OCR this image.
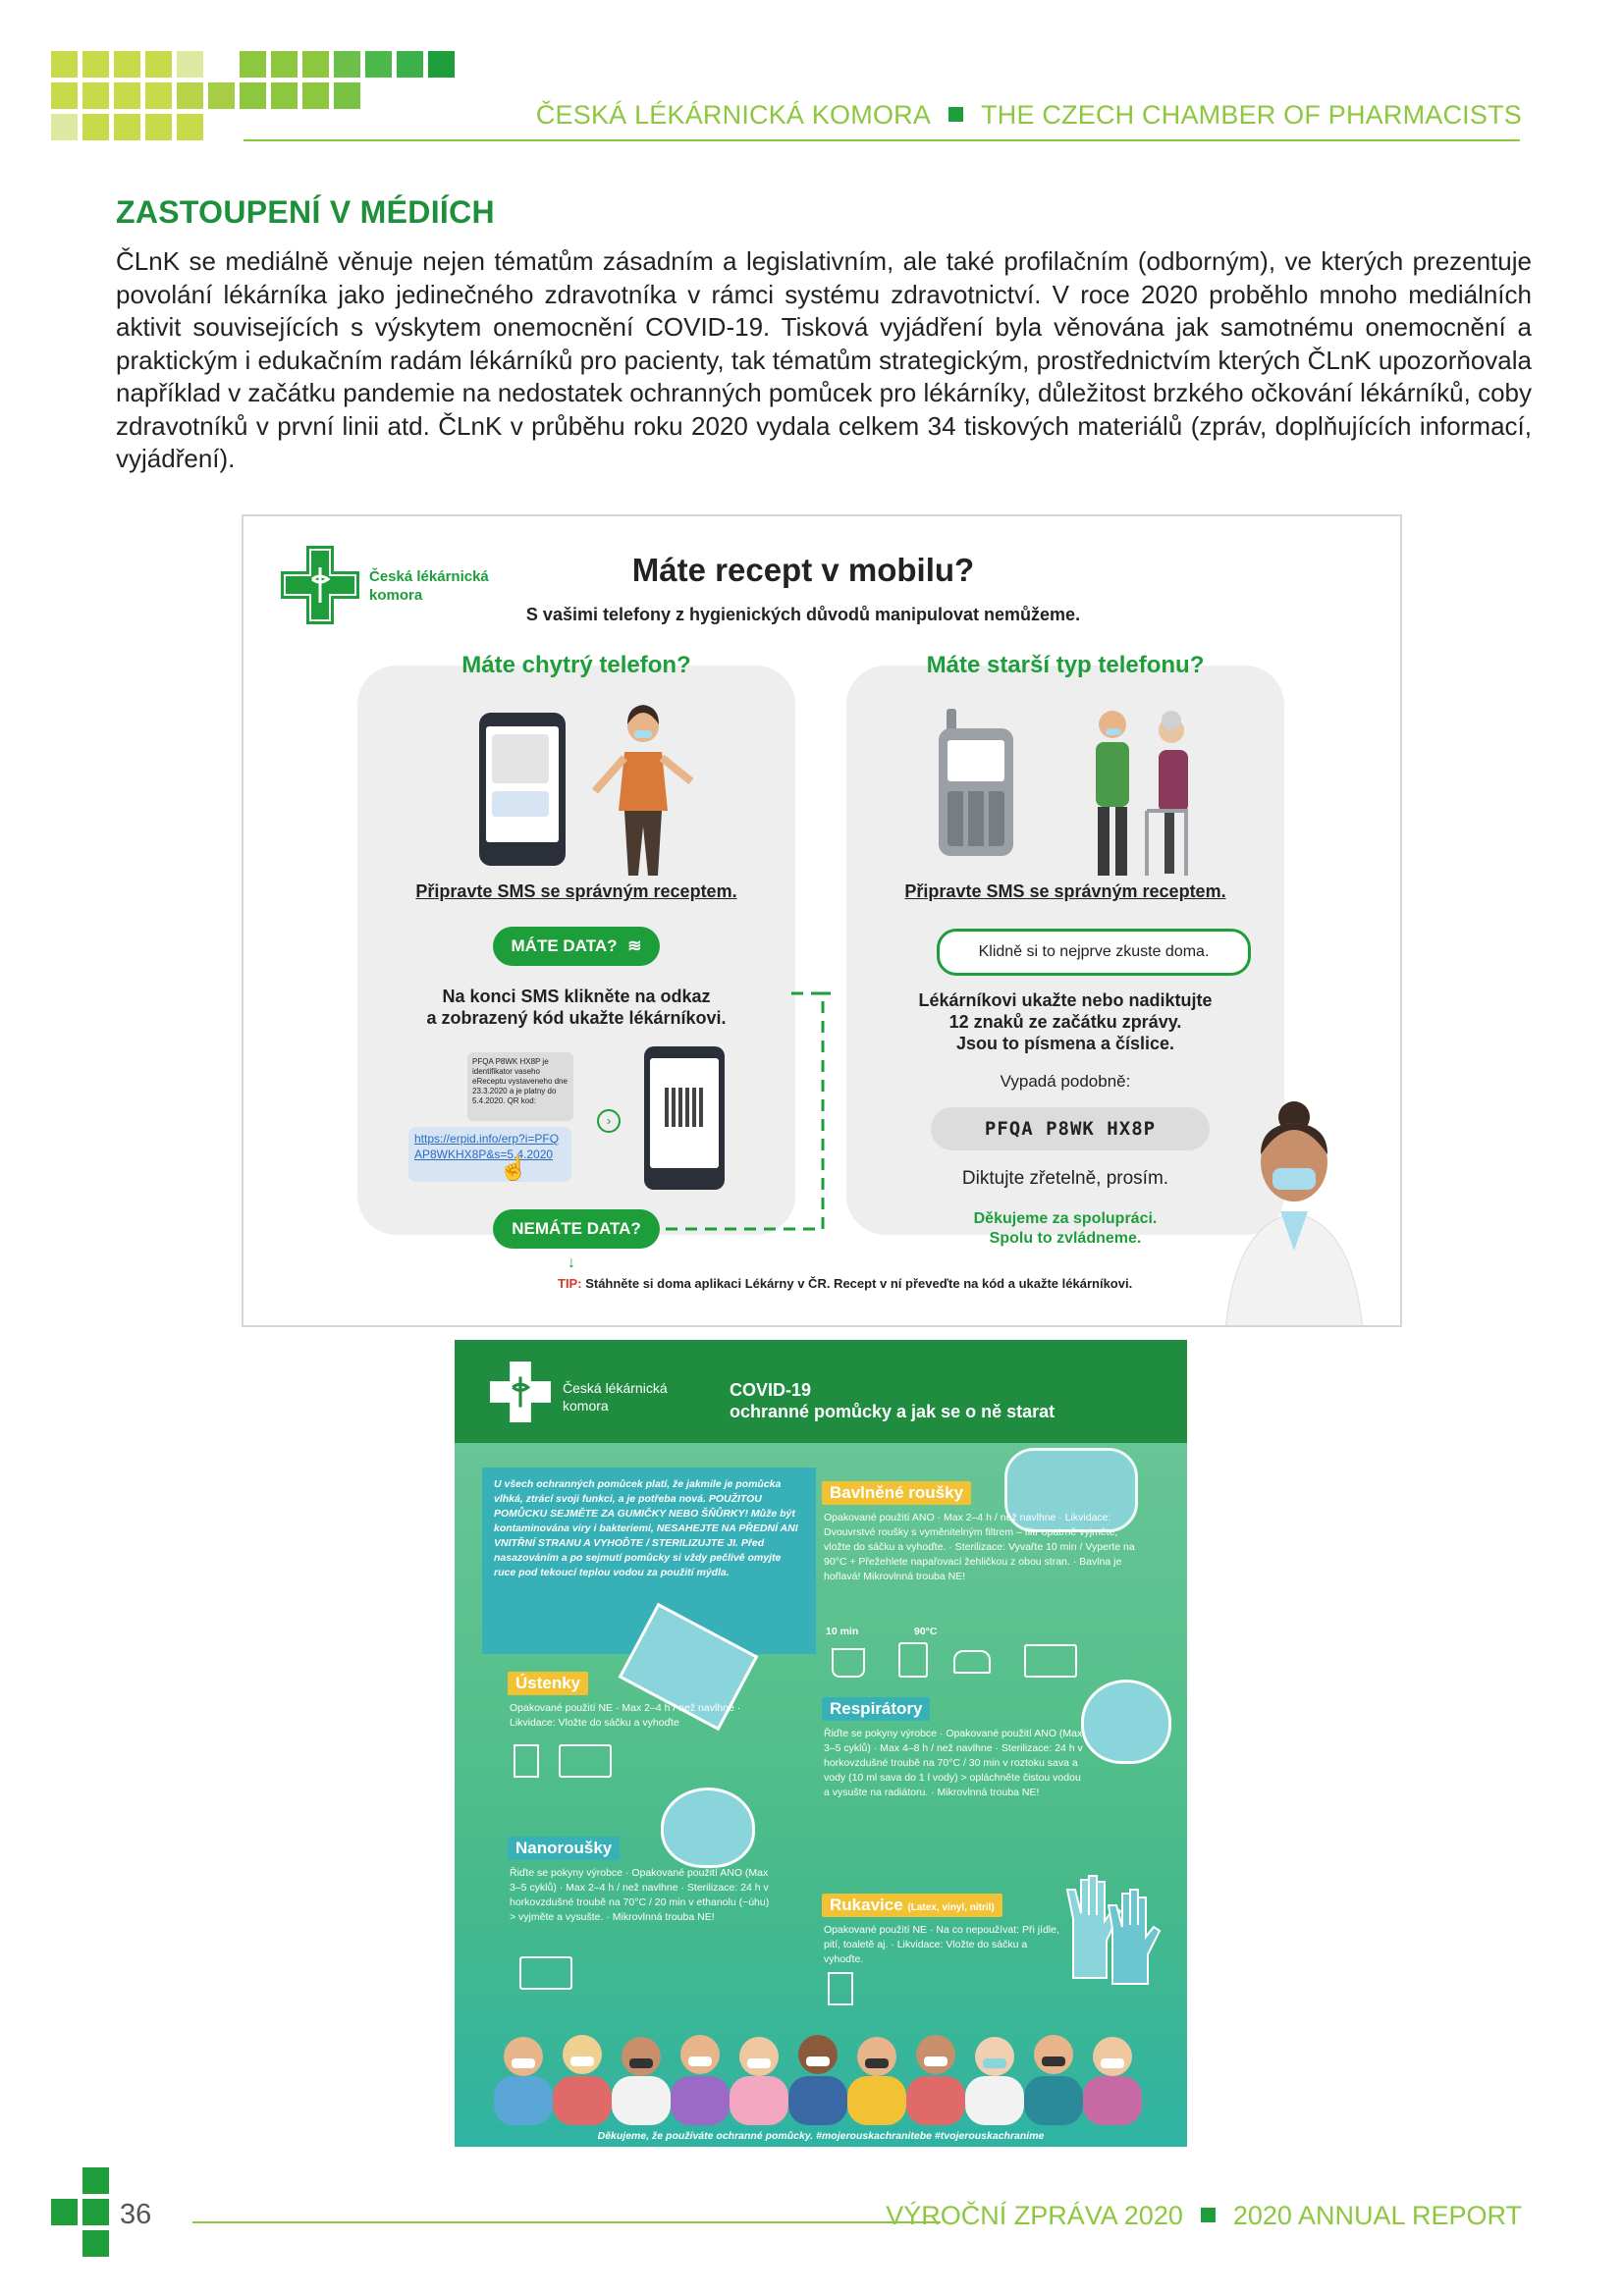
ČESKÁ LÉKÁRNICKÁ KOMORA THE CZECH CHAMBER OF PHARMACISTS
ZASTOUPENÍ V MÉDIÍCH

ČLnK se mediálně věnuje nejen tématům zásadním a legislativním, ale také profilačním (odborným), ve kterých prezentuje povolání lékárníka jako jedinečného zdravotníka v rámci systému zdravotnictví. V roce 2020 proběhlo mnoho mediálních aktivit souvisejících s výskytem onemocnění COVID-19. Tisková vyjádření byla věnována jak samotnému onemocnění a praktickým i edukačním radám lékárníků pro pacienty, tak tématům strategickým, prostřednictvím kterých ČLnK upozorňovala například v začátku pandemie na nedostatek ochranných pomůcek pro lékárníky, důležitost brzkého očkování lékárníků, coby zdravotníků v první linii atd. ČLnK v průběhu roku 2020 vydala celkem 34 tiskových materiálů (zpráv, doplňujících informací, vyjádření).

Česká lékárnická
komora
Máte recept v mobilu?
S vašimi telefony z hygienických důvodů manipulovat nemůžeme.
Máte chytrý telefon?
Připravte SMS se správným receptem.
MÁTE DATA? ≋
Na konci SMS klikněte na odkaz
a zobrazený kód ukažte lékárníkovi.
PFQA P8WK HX8P je identifikator vaseho eReceptu vystaveneho dne 23.3.2020 a je platny do 5.4.2020. QR kod:
https://erpid.info/erp?i=PFQAP8WKHX8P&s=5.4.2020
☝
›
NEMÁTE DATA?
↓
TIP: Stáhněte si doma aplikaci Lékárny v ČR. Recept v ní převeďte na kód a ukažte lékárníkovi.
Máte starší typ telefonu?
Připravte SMS se správným receptem.
Klidně si to nejprve zkuste doma.
Lékárníkovi ukažte nebo nadiktujte
12 znaků ze začátku zprávy.
Jsou to písmena a číslice.
Vypadá podobně:
PFQA P8WK HX8P
Diktujte zřetelně, prosím.
Děkujeme za spolupráci.
Spolu to zvládneme.
Česká lékárnická
komora
COVID-19
ochranné pomůcky a jak se o ně starat
U všech ochranných pomůcek platí, že jakmile je pomůcka vlhká, ztrácí svoji funkci, a je potřeba nová. POUŽITOU POMŮCKU SEJMĚTE ZA GUMIČKY NEBO ŠŇŮRKY! Může být kontaminována viry i bakteriemi, NESAHEJTE NA PŘEDNÍ ANI VNITŘNÍ STRANU A VYHOĎTE / STERILIZUJTE JI. Před nasazováním a po sejmutí pomůcky si vždy pečlivě omyjte ruce pod tekoucí teplou vodou za použití mýdla.
Bavlněné roušky
Opakované použití ANO · Max 2–4 h / než navlhne · Likvidace: Dvouvrstvé roušky s vyměnitelným filtrem – filtr opatrně vyjměte, vložte do sáčku a vyhoďte. · Sterilizace: Vyvařte 10 min / Vyperte na 90°C + Přežehlete napařovací žehličkou z obou stran. · Bavlna je hořlavá! Mikrovlnná trouba NE!
10 min	90°C
Ústenky
Opakované použití NE · Max 2–4 h / než navlhne · Likvidace: Vložte do sáčku a vyhoďte
Respirátory
Řiďte se pokyny výrobce · Opakované použití ANO (Max 3–5 cyklů) · Max 4–8 h / než navlhne · Sterilizace: 24 h v horkovzdušné troubě na 70°C / 30 min v roztoku sava a vody (10 ml sava do 1 l vody) > opláchněte čistou vodou a vysušte na radiátoru. · Mikrovlnná trouba NE!
Nanoroušky
Řiďte se pokyny výrobce · Opakované použití ANO (Max 3–5 cyklů) · Max 2–4 h / než navlhne · Sterilizace: 24 h v horkovzdušné troubě na 70°C / 20 min v ethanolu (~úhu) > vyjměte a vysušte. · Mikrovlnná trouba NE!
Rukavice (Latex, vinyl, nitril)
Opakované použití NE · Na co nepoužívat: Při jídle, pití, toaletě aj. · Likvidace: Vložte do sáčku a vyhoďte.
Děkujeme, že používáte ochranné pomůcky. #mojerouskachranitebe #tvojerouskachranime
36	VÝROČNÍ ZPRÁVA 2020 2020 ANNUAL REPORT
